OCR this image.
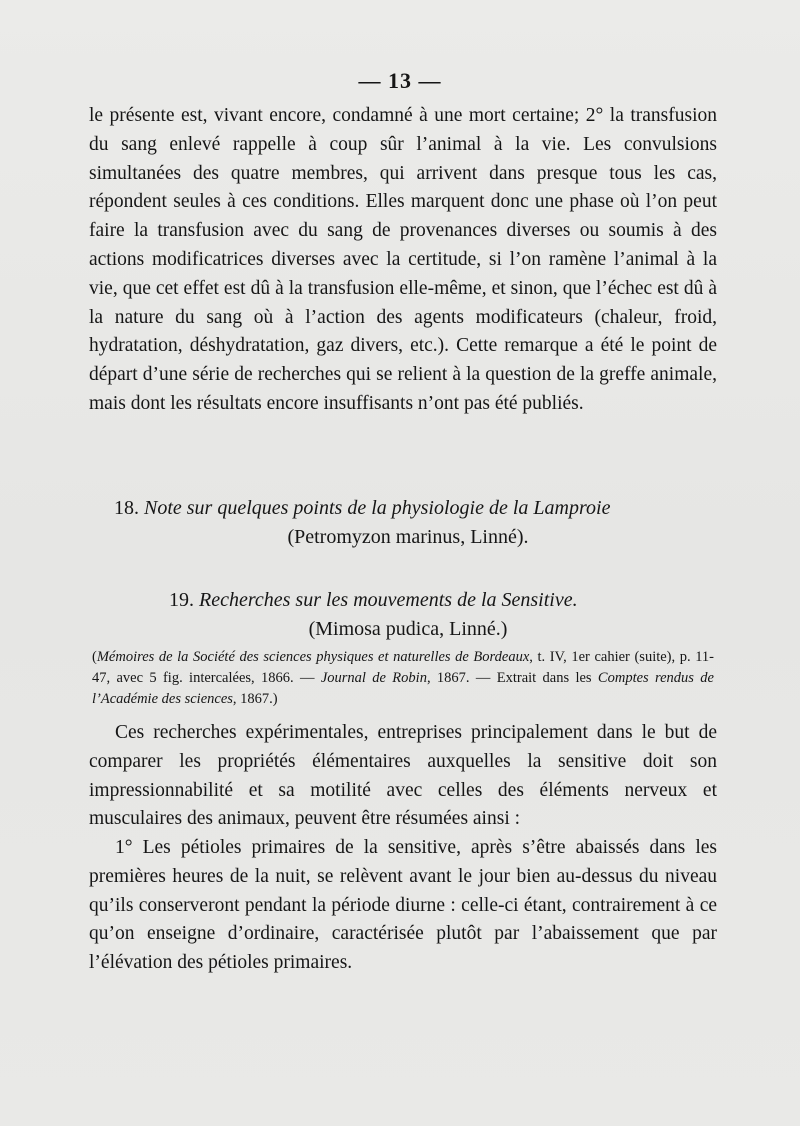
— 13 —

le présente est, vivant encore, condamné à une mort certaine; 2° la transfusion du sang enlevé rappelle à coup sûr l’animal à la vie. Les convulsions simultanées des quatre membres, qui arrivent dans presque tous les cas, répondent seules à ces conditions. Elles marquent donc une phase où l’on peut faire la transfusion avec du sang de provenances diverses ou soumis à des actions modificatrices diverses avec la certitude, si l’on ramène l’animal à la vie, que cet effet est dû à la transfusion elle-même, et sinon, que l’échec est dû à la nature du sang où à l’action des agents modificateurs (chaleur, froid, hydratation, déshydratation, gaz divers, etc.). Cette remarque a été le point de départ d’une série de recherches qui se relient à la question de la greffe animale, mais dont les résultats encore insuffisants n’ont pas été publiés.

18. Note sur quelques points de la physiologie de la Lamproie
(Petromyzon marinus, Linné).
19. Recherches sur les mouvements de la Sensitive.
(Mimosa pudica, Linné.)
(Mémoires de la Société des sciences physiques et naturelles de Bordeaux, t. IV, 1er cahier (suite), p. 11-47, avec 5 fig. intercalées, 1866. — Journal de Robin, 1867. — Extrait dans les Comptes rendus de l’Académie des sciences, 1867.)

Ces recherches expérimentales, entreprises principalement dans le but de comparer les propriétés élémentaires auxquelles la sensitive doit son impressionnabilité et sa motilité avec celles des éléments nerveux et musculaires des animaux, peuvent être résumées ainsi :

1° Les pétioles primaires de la sensitive, après s’être abaissés dans les premières heures de la nuit, se relèvent avant le jour bien au-dessus du niveau qu’ils conserveront pendant la période diurne : celle-ci étant, contrairement à ce qu’on enseigne d’ordinaire, caractérisée plutôt par l’abaissement que par l’élévation des pétioles primaires.
